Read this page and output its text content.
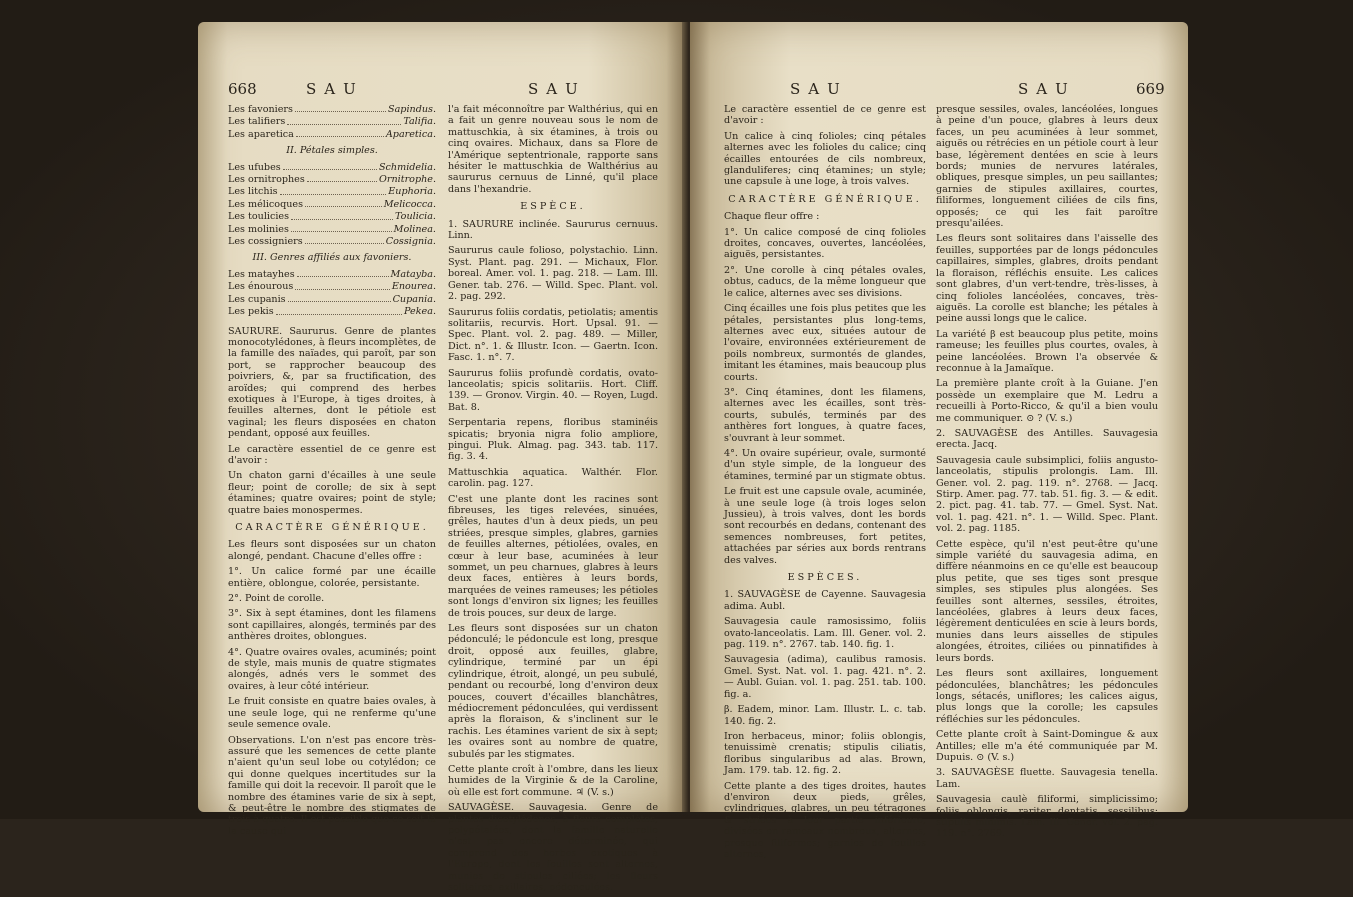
668	SAU	SAU
Les favoniers	Sapindus.
Les talifiers	Talifia.
Les aparetica	Aparetica.
II. Pétales simples.
Les ufubes	Schmidelia.
Les ornitrophes	Ornitrophe.
Les litchis	Euphoria.
Les mélicoques	Melicocca.
Les toulicies	Toulicia.
Les molinies	Molinea.
Les cossigniers	Cossignia.
III. Genres affiliés aux favoniers.
Les matayhes	Matayba.
Les énourous	Enourea.
Les cupanis	Cupania.
Les pekis	Pekea.

SAURURE. Saururus. Genre de plantes monocotylédones, à fleurs incomplètes, de la famille des naïades, qui paroît, par son port, se rapprocher beaucoup des poivriers, &, par sa fructification, des aroïdes; qui comprend des herbes exotiques à l'Europe, à tiges droites, à feuilles alternes, dont le pétiole est vaginal; les fleurs disposées en chaton pendant, opposé aux feuilles.

Le caractère essentiel de ce genre est d'avoir :

Un chaton garni d'écailles à une seule fleur; point de corolle; de six à sept étamines; quatre ovaires; point de style; quatre baies monospermes.

CARACTÈRE GÉNÉRIQUE.

Les fleurs sont disposées sur un chaton alongé, pendant. Chacune d'elles offre :

1°. Un calice formé par une écaille entière, oblongue, colorée, persistante.

2°. Point de corolle.

3°. Six à sept étamines, dont les filamens sont capillaires, alongés, terminés par des anthères droites, oblongues.

4°. Quatre ovaires ovales, acuminés; point de style, mais munis de quatre stigmates alongés, adnés vers le sommet des ovaires, à leur côté intérieur.

Le fruit consiste en quatre baies ovales, à une seule loge, qui ne renferme qu'une seule semence ovale.

Observations. L'on n'est pas encore très-assuré que les semences de cette plante n'aient qu'un seul lobe ou cotylédon; ce qui donne quelques incertitudes sur la famille qui doit la recevoir. Il paroît que le nombre des étamines varie de six à sept, & peut-être le nombre des stigmates de trois à quatre. Il est possible que ce soit là la cause qui

l'a fait méconnoître par Walthérius, qui en a fait un genre nouveau sous le nom de mattuschkia, à six étamines, à trois ou cinq ovaires. Michaux, dans sa Flore de l'Amérique septentrionale, rapporte sans hésiter le mattuschkia de Walthérius au saururus cernuus de Linné, qu'il place dans l'hexandrie.

ESPÈCE.

1. SAURURE inclinée. Saururus cernuus. Linn.

Saururus caule folioso, polystachio. Linn. Syst. Plant. pag. 291. — Michaux, Flor. boreal. Amer. vol. 1. pag. 218. — Lam. Ill. Gener. tab. 276. — Willd. Spec. Plant. vol. 2. pag. 292.

Saururus foliis cordatis, petiolatis; amentis solitariis, recurvis. Hort. Upsal. 91. — Spec. Plant. vol. 2. pag. 489. — Miller, Dict. n°. 1. & Illustr. Icon. — Gaertn. Icon. Fasc. 1. n°. 7.

Saururus foliis profundè cordatis, ovato-lanceolatis; spicis solitariis. Hort. Cliff. 139. — Gronov. Virgin. 40. — Royen, Lugd. Bat. 8.

Serpentaria repens, floribus staminéis spicatis; bryonia nigra folio ampliore, pingui. Pluk. Almag. pag. 343. tab. 117. fig. 3. 4.

Mattuschkia aquatica. Walthér. Flor. carolin. pag. 127.

C'est une plante dont les racines sont fibreuses, les tiges relevées, sinuées, grêles, hautes d'un à deux pieds, un peu striées, presque simples, glabres, garnies de feuilles alternes, pétiolées, ovales, en cœur à leur base, acuminées à leur sommet, un peu charnues, glabres à leurs deux faces, entières à leurs bords, marquées de veines rameuses; les pétioles sont longs d'environ six lignes; les feuilles de trois pouces, sur deux de large.

Les fleurs sont disposées sur un chaton pédonculé; le pédoncule est long, presque droit, opposé aux feuilles, glabre, cylindrique, terminé par un épi cylindrique, étroit, alongé, un peu subulé, pendant ou recourbé, long d'environ deux pouces, couvert d'écailles blanchâtres, médiocrement pédonculées, qui verdissent après la floraison, & s'inclinent sur le rachis. Les étamines varient de six à sept; les ovaires sont au nombre de quatre, subulés par les stigmates.

Cette plante croît à l'ombre, dans les lieux humides de la Virginie & de la Caroline, où elle est fort commune. ♃ (V. s.)

SAUVAGÈSE. Sauvagesia. Genre de plantes dicotylédones, à fleurs complètes, polypétalées, dont la famille naturelle n'est pas encore déterminée, qui comprend des herbes exotiques à l'Europe, dont les feuilles sont alternes, munies de stipules ciliées; les fleurs solitaires, axillaires, pédonculées.

SAU	SAU	669

Le caractère essentiel de ce genre est d'avoir :

Un calice à cinq folioles; cinq pétales alternes avec les folioles du calice; cinq écailles entourées de cils nombreux, glanduliferes; cinq étamines; un style; une capsule à une loge, à trois valves.

CARACTÈRE GÉNÉRIQUE.

Chaque fleur offre :

1°. Un calice composé de cinq folioles droites, concaves, ouvertes, lancéolées, aiguës, persistantes.

2°. Une corolle à cinq pétales ovales, obtus, caducs, de la même longueur que le calice, alternes avec ses divisions.

Cinq écailles une fois plus petites que les pétales, persistantes plus long-tems, alternes avec eux, situées autour de l'ovaire, environnées extérieurement de poils nombreux, surmontés de glandes, imitant les étamines, mais beaucoup plus courts.

3°. Cinq étamines, dont les filamens, alternes avec les écailles, sont très-courts, subulés, terminés par des anthères fort longues, à quatre faces, s'ouvrant à leur sommet.

4°. Un ovaire supérieur, ovale, surmonté d'un style simple, de la longueur des étamines, terminé par un stigmate obtus.

Le fruit est une capsule ovale, acuminée, à une seule loge (à trois loges selon Jussieu), à trois valves, dont les bords sont recourbés en dedans, contenant des semences nombreuses, fort petites, attachées par séries aux bords rentrans des valves.

ESPÈCES.

1. SAUVAGÈSE de Cayenne. Sauvagesia adima. Aubl.

Sauvagesia caule ramosissimo, foliis ovato-lanceolatis. Lam. Ill. Gener. vol. 2. pag. 119. n°. 2767. tab. 140. fig. 1.

Sauvagesia (adima), caulibus ramosis. Gmel. Syst. Nat. vol. 1. pag. 421. n°. 2. — Aubl. Guian. vol. 1. pag. 251. tab. 100. fig. a.

β. Eadem, minor. Lam. Illustr. L. c. tab. 140. fig. 2.

Iron herbaceus, minor; foliis oblongis, tenuissimè crenatis; stipulis ciliatis, floribus singularibus ad alas. Brown, Jam. 179. tab. 12. fig. 2.

Cette plante a des tiges droites, hautes d'environ deux pieds, grêles, cylindriques, glabres, un peu tétragones & striées à leur partie inférieure, divisées en rameaux nombreux, alternes, presque filiformes; garnies de feuilles alternes,

presque sessiles, ovales, lancéolées, longues à peine d'un pouce, glabres à leurs deux faces, un peu acuminées à leur sommet, aiguës ou rétrécies en un pétiole court à leur base, légèrement dentées en scie à leurs bords; munies de nervures latérales, obliques, presque simples, un peu saillantes; garnies de stipules axillaires, courtes, filiformes, longuement ciliées de cils fins, opposés; ce qui les fait paroître presqu'ailées.

Les fleurs sont solitaires dans l'aisselle des feuilles, supportées par de longs pédoncules capillaires, simples, glabres, droits pendant la floraison, réfléchis ensuite. Les calices sont glabres, d'un vert-tendre, très-lisses, à cinq folioles lancéolées, concaves, très-aiguës. La corolle est blanche; les pétales à peine aussi longs que le calice.

La variété β est beaucoup plus petite, moins rameuse; les feuilles plus courtes, ovales, à peine lancéolées. Brown l'a observée & reconnue à la Jamaïque.

La première plante croît à la Guiane. J'en possède un exemplaire que M. Ledru a recueilli à Porto-Ricco, & qu'il a bien voulu me communiquer. ⊙ ? (V. s.)

2. SAUVAGÈSE des Antilles. Sauvagesia erecta. Jacq.

Sauvagesia caule subsimplici, foliis angusto-lanceolatis, stipulis prolongis. Lam. Ill. Gener. vol. 2. pag. 119. n°. 2768. — Jacq. Stirp. Amer. pag. 77. tab. 51. fig. 3. — & edit. 2. pict. pag. 41. tab. 77. — Gmel. Syst. Nat. vol. 1. pag. 421. n°. 1. — Willd. Spec. Plant. vol. 2. pag. 1185.

Cette espèce, qu'il n'est peut-être qu'une simple variété du sauvagesia adima, en diffère néanmoins en ce qu'elle est beaucoup plus petite, que ses tiges sont presque simples, ses stipules plus alongées. Ses feuilles sont alternes, sessiles, étroites, lancéolées, glabres à leurs deux faces, légèrement denticulées en scie à leurs bords, munies dans leurs aisselles de stipules alongées, étroites, ciliées ou pinnatifides à leurs bords.

Les fleurs sont axillaires, longuement pédonculées, blanchâtres; les pédoncules longs, sétacés, uniflores; les calices aigus, plus longs que la corolle; les capsules réfléchies sur les pédoncules.

Cette plante croît à Saint-Domingue & aux Antilles; elle m'a été communiquée par M. Dupuis. ⊙ (V. s.)

3. SAUVAGÈSE fluette. Sauvagesia tenella. Lam.

Sauvagesia caulè filiformi, simplicissimo; foliis oblongis, rariter dentatis, sessilibus; stipulis minimis. Lam. Ill. Gener. vol. 2. pag. 119. n°. 2769.
